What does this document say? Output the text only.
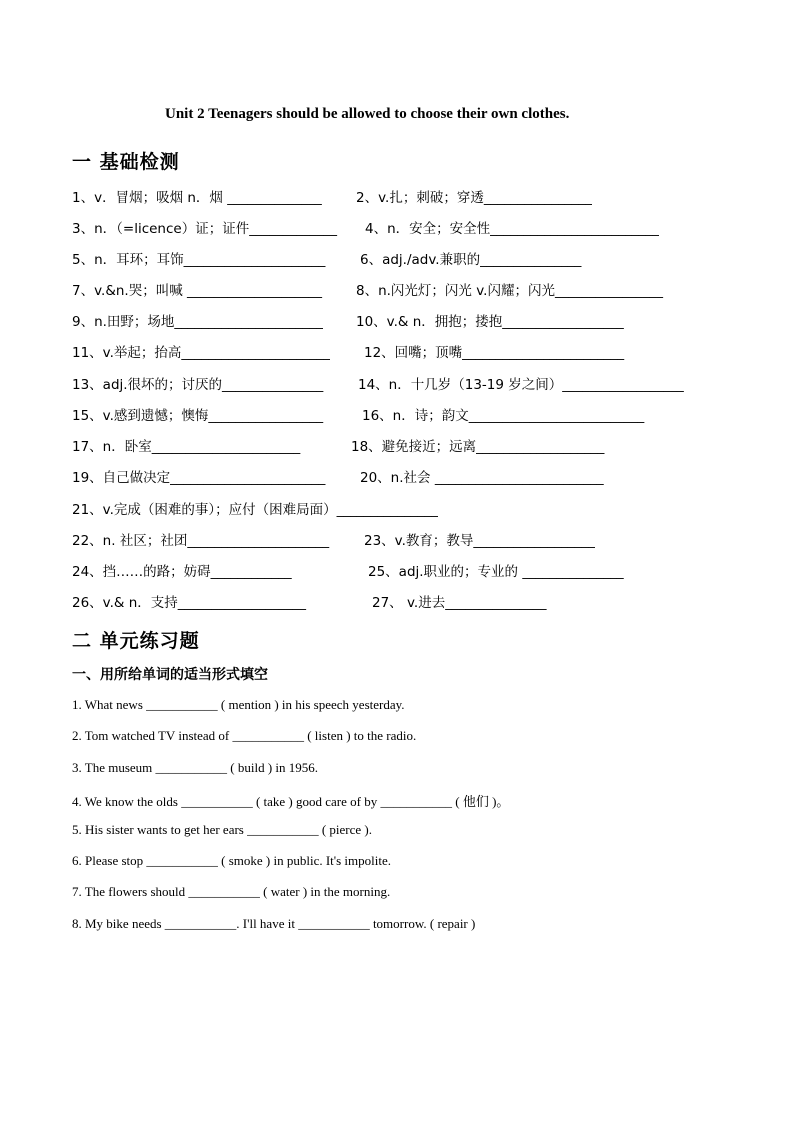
Unit 2 Teenagers should be allowed to choose their own clothes.
一 基础检测
1、v．冒烟；吸烟 n．烟 ______________	2、v.扎；刺破；穿透________________
3、n．（=licence）证；证件_____________ 4、n．安全；安全性_________________________
5、n．耳环；耳饰_____________________	6、adj./adv.兼职的_______________
7、v.&n.哭；叫喊 ____________________	8、n.闪光灯；闪光 v.闪耀；闪光________________
9、n.田野；场地______________________ 10、v.& n．拥抱；搂抱__________________
11、v.举起；抬高______________________	12、回嘴；顶嘴________________________
13、adj.很坏的；讨厌的_______________	14、n．十几岁（13-19 岁之间）__________________
15、v.感到遗憾；懊悔_________________	16、n．诗；韵文__________________________
17、n．卧室______________________	18、避免接近；远离___________________
19、自己做决定_______________________	20、n.社会 _________________________
21、v.完成（困难的事）；应付（困难局面）_______________
22、n. 社区；社团_____________________	23、v.教育；教导__________________
24、挡……的路；妨碍____________	25、adj.职业的；专业的 _______________
26、v.& n．支持___________________	27、 v.进去_______________
二 单元练习题
一、用所给单词的适当形式填空
1. What news ___________ ( mention ) in his speech yesterday.
2. Tom watched TV instead of ___________ ( listen ) to the radio.
3. The museum ___________ ( build ) in 1956.
4. We know the olds ___________ ( take ) good care of by ___________ ( 他们 )。
5. His sister wants to get her ears ___________ ( pierce ).
6. Please stop ___________ ( smoke ) in public. It's impolite.
7. The flowers should ___________ ( water ) in the morning.
8. My bike needs ___________. I'll have it ___________ tomorrow. ( repair )
